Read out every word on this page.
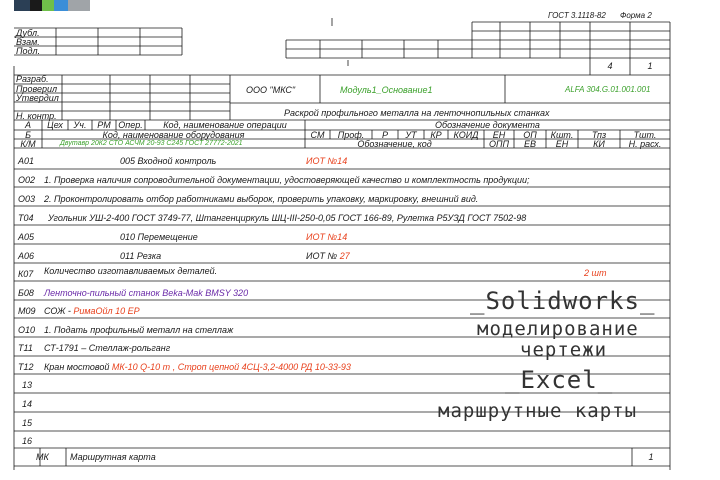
ГОСТ 3.1118-82 Форма 2
Дубл.
Взам.
Подл.
4	1
Разраб.
Проверил
Утвердил
Н. контр.
ООО "МКС"	Модуль1_Основание1	ALFA 304.G.01.001.001
Раскрой профильного металла на ленточнопильных станках
А	Цех	Уч.	РМ Опер.	Код, наименование операции	Обозначение документа
Б	Код, наименование оборудования	СМ	Проф.	Р	УТ	КР	КОИД	ЕН	ОП	Кшт.	Тпз	Тшт.
К/М	Двутавр 20К2 СТО АСЧМ 20-93 С245 ГОСТ 27772-2021	Обозначение, код	ОПП	ЕВ	ЕН	КИ	Н. расх.
А01	005 Входной контроль	ИОТ №14
О02 1. Проверка наличия сопроводительной документации, удостоверяющей качество и комплектность продукции;
О03 2. Проконтролировать отбор работниками выборок, проверить упаковку, маркировку, внешний вид.
Т04 Угольник УШ-2-400 ГОСТ 3749-77, Штангенциркуль ШЦ-III-250-0,05 ГОСТ 166-89, Рулетка Р5УЗД ГОСТ 7502-98
А05	010 Перемещение	ИОТ №14
А06	011 Резка	ИОТ № 27
К07 Количество изготавливаемых деталей.	2 шт
Б08 Ленточно-пильный станок Вeka-Mak BMSY 320
М09 СОЖ - РимаОйл 10 ЕР
О10 1. Подать профильный металл на стеллаж
Т11 СТ-1791 – Стеллаж-рольганг
Т12 Кран мостовой МК-10 Q-10 т , Строп цепной 4СЦ-3,2-4000 РД 10-33-93
13
14
15
16
МК Маршрутная карта	1
_Solidworks_
моделирование
чертежи
_Excel_
маршрутные карты
